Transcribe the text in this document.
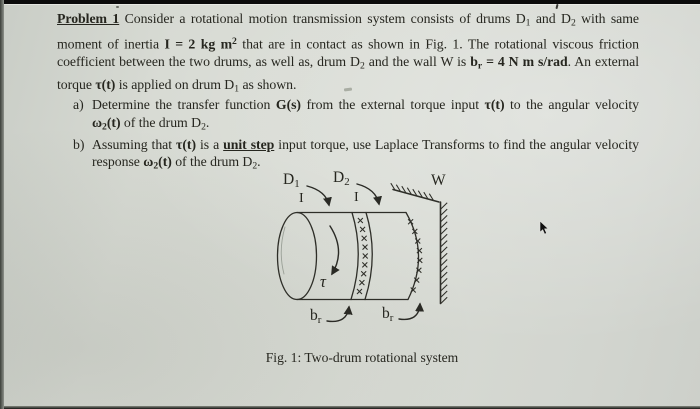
Problem 1 Consider a rotational motion transmission system consists of drums D1 and D2 with same
moment of inertia I = 2 kg $m^2$ that are in contact as shown in Fig. 1. The rotational viscous friction
coefficient between the two drums, as well as, drum D2 and the wall W is br = 4 N m s/rad. An external
torque τ(t) is applied on drum D1 as shown.
a) Determine the transfer function G(s) from the external torque input τ(t) to the angular velocity
ω2(t) of the drum D2.
b) Assuming that τ(t) is a unit step input torque, use Laplace Transforms to find the angular velocity
response ω2(t) of the drum D2.
D1 D2	W
I	I
τ
br	br
Fig. 1: Two-drum rotational system
